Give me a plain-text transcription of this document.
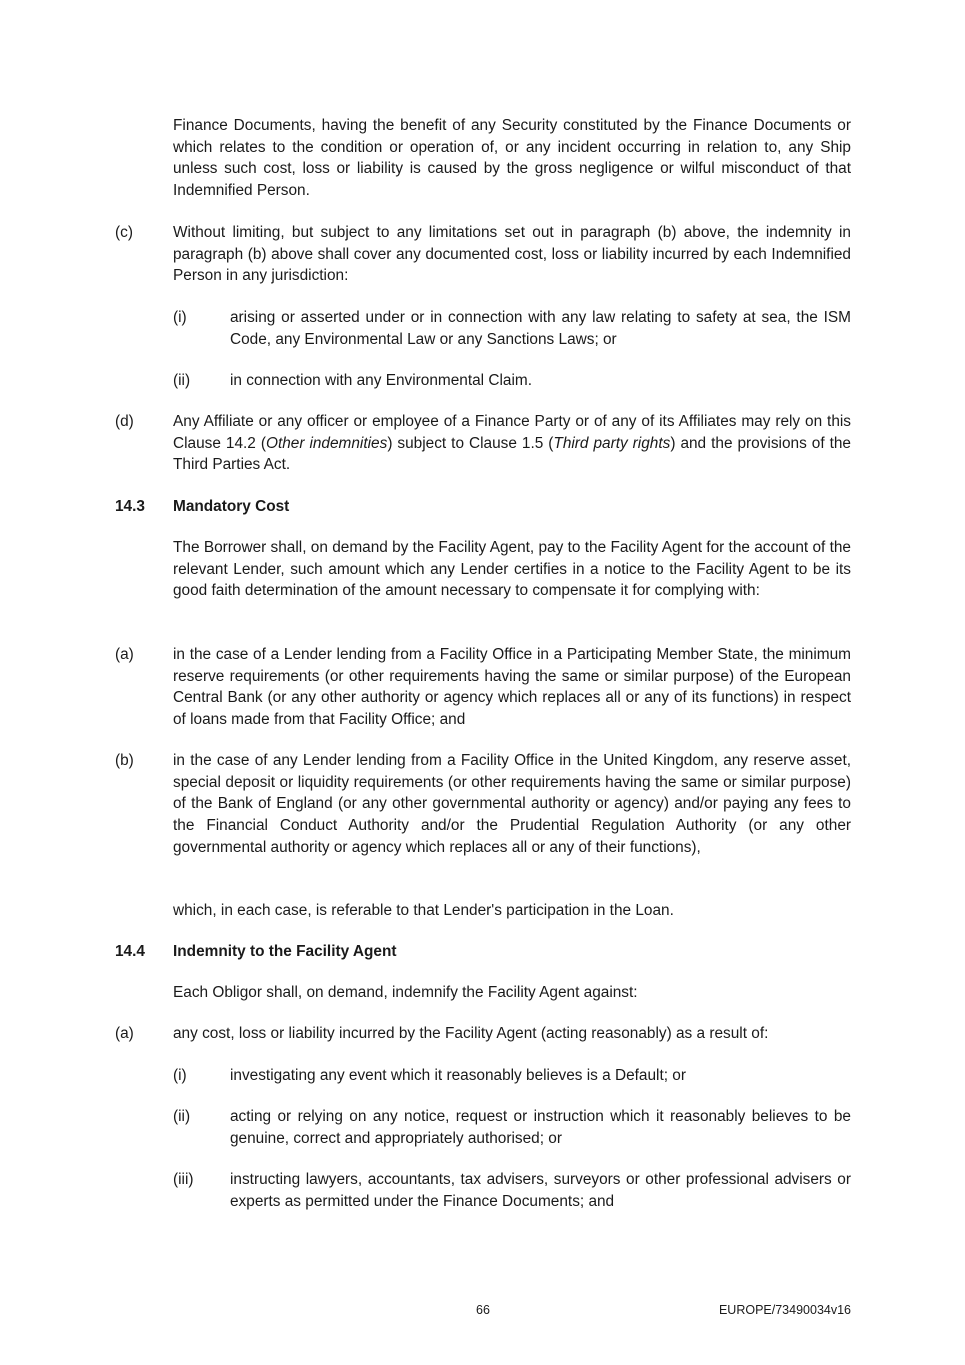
Finance Documents, having the benefit of any Security constituted by the Finance Documents or which relates to the condition or operation of, or any incident occurring in relation to, any Ship unless such cost, loss or liability is caused by the gross negligence or wilful misconduct of that Indemnified Person.
(c)	Without limiting, but subject to any limitations set out in paragraph (b) above, the indemnity in paragraph (b) above shall cover any documented cost, loss or liability incurred by each Indemnified Person in any jurisdiction:
(i)	arising or asserted under or in connection with any law relating to safety at sea, the ISM Code, any Environmental Law or any Sanctions Laws; or
(ii)	in connection with any Environmental Claim.
(d)	Any Affiliate or any officer or employee of a Finance Party or of any of its Affiliates may rely on this Clause 14.2 (Other indemnities) subject to Clause 1.5 (Third party rights) and the provisions of the Third Parties Act.
14.3 Mandatory Cost
The Borrower shall, on demand by the Facility Agent, pay to the Facility Agent for the account of the relevant Lender, such amount which any Lender certifies in a notice to the Facility Agent to be its good faith determination of the amount necessary to compensate it for complying with:
(a)	in the case of a Lender lending from a Facility Office in a Participating Member State, the minimum reserve requirements (or other requirements having the same or similar purpose) of the European Central Bank (or any other authority or agency which replaces all or any of its functions) in respect of loans made from that Facility Office; and
(b)	in the case of any Lender lending from a Facility Office in the United Kingdom, any reserve asset, special deposit or liquidity requirements (or other requirements having the same or similar purpose) of the Bank of England (or any other governmental authority or agency) and/or paying any fees to the Financial Conduct Authority and/or the Prudential Regulation Authority (or any other governmental authority or agency which replaces all or any of their functions),
which, in each case, is referable to that Lender's participation in the Loan.
14.4 Indemnity to the Facility Agent
Each Obligor shall, on demand, indemnify the Facility Agent against:
(a)	any cost, loss or liability incurred by the Facility Agent (acting reasonably) as a result of:
(i)	investigating any event which it reasonably believes is a Default; or
(ii)	acting or relying on any notice, request or instruction which it reasonably believes to be genuine, correct and appropriately authorised; or
(iii) instructing lawyers, accountants, tax advisers, surveyors or other professional advisers or experts as permitted under the Finance Documents; and
66	EUROPE/73490034v16
